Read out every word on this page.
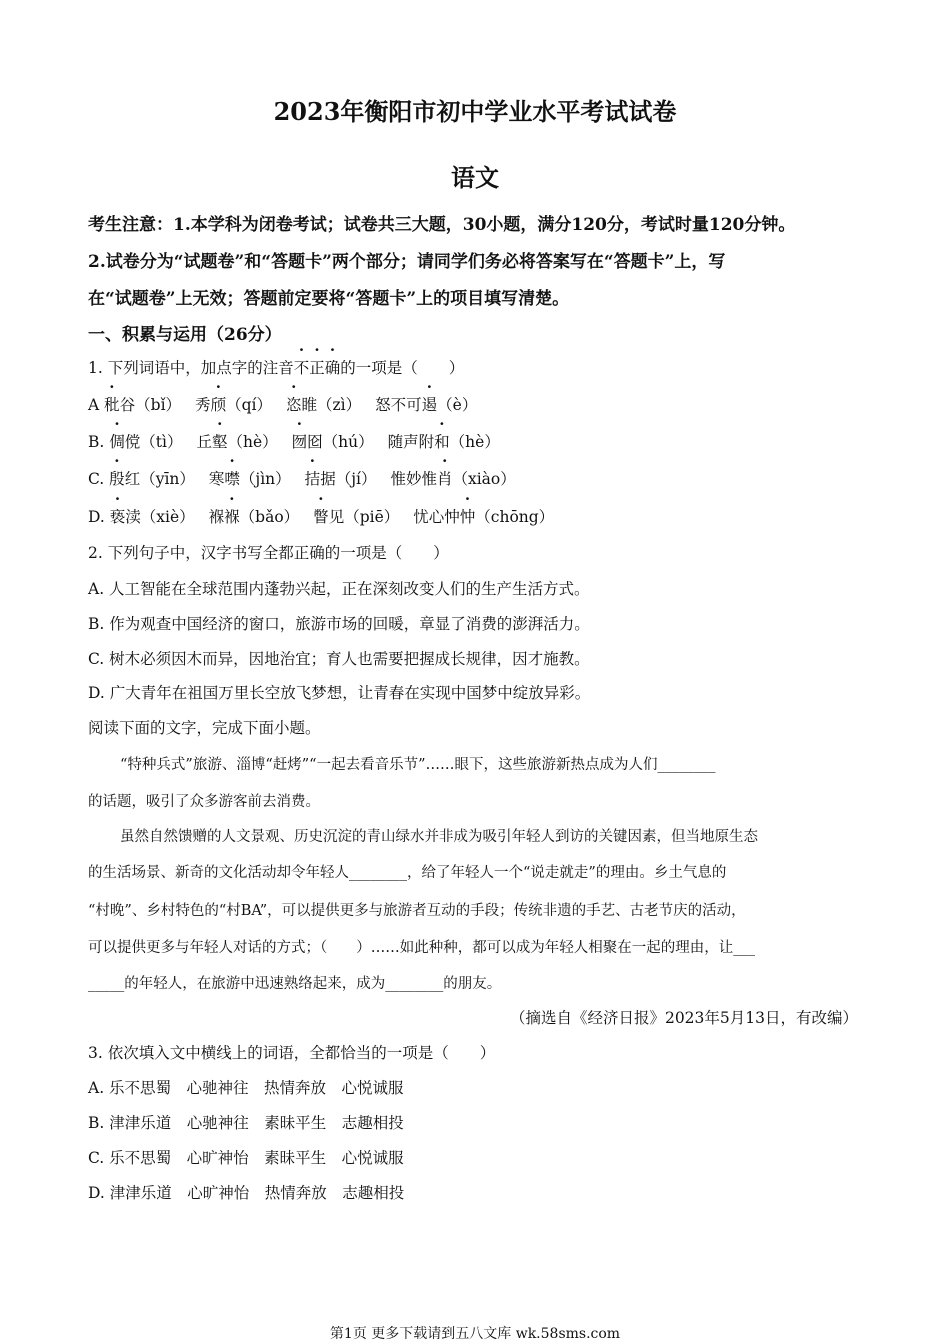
2023年衡阳市初中学业水平考试试卷
语文
考生注意：1.本学科为闭卷考试；试卷共三大题，30小题，满分120分，考试时量120分钟。
2.试卷分为“试题卷”和“答题卡”两个部分；请同学们务必将答案写在“答题卡”上，写
在“试题卷”上无效；答题前定要将“答题卡”上的项目填写清楚。
一、积累与运用（26分）
1. 下列词语中，加点字的注音不正确的一项是（　　）
A 秕谷（bǐ） 秀颀（qí） 恣睢（zì） 怒不可遏（è）
B. 倜傥（tì） 丘壑（hè） 囫囵（hú） 随声附和（hè）
C. 殷红（yīn） 寒噤（jìn） 拮据（jí） 惟妙惟肖（xiào）
D. 亵渎（xiè） 褓褓（bǎo） 瞥见（piē） 忧心忡忡（chōng）
2. 下列句子中，汉字书写全都正确的一项是（　　）
A. 人工智能在全球范围内蓬勃兴起，正在深刻改变人们的生产生活方式。
B. 作为观查中国经济的窗口，旅游市场的回暖，章显了消费的澎湃活力。
C. 树木必须因木而异，因地治宜；育人也需要把握成长规律，因才施教。
D. 广大青年在祖国万里长空放飞梦想，让青春在实现中国梦中绽放异彩。
阅读下面的文字，完成下面小题。
“特种兵式”旅游、淄博“赶烤”“一起去看音乐节”……眼下，这些旅游新热点成为人们________
的话题，吸引了众多游客前去消费。
虽然自然馈赠的人文景观、历史沉淀的青山绿水并非成为吸引年轻人到访的关键因素，但当地原生态
的生活场景、新奇的文化活动却令年轻人________，给了年轻人一个“说走就走”的理由。乡土气息的
“村晚”、乡村特色的“村BA”，可以提供更多与旅游者互动的手段；传统非遗的手艺、古老节庆的活动，
可以提供更多与年轻人对话的方式；（　　）……如此种种，都可以成为年轻人相聚在一起的理由，让___
_____的年轻人，在旅游中迅速熟络起来，成为________的朋友。
（摘选自《经济日报》2023年5月13日，有改编）
3. 依次填入文中横线上的词语，全都恰当的一项是（　　）
A. 乐不思蜀　心驰神往　热情奔放　心悦诚服
B. 津津乐道　心驰神往　素昧平生　志趣相投
C. 乐不思蜀　心旷神怡　素昧平生　心悦诚服
D. 津津乐道　心旷神怡　热情奔放　志趣相投
第1页 更多下载请到五八文库 wk.58sms.com
